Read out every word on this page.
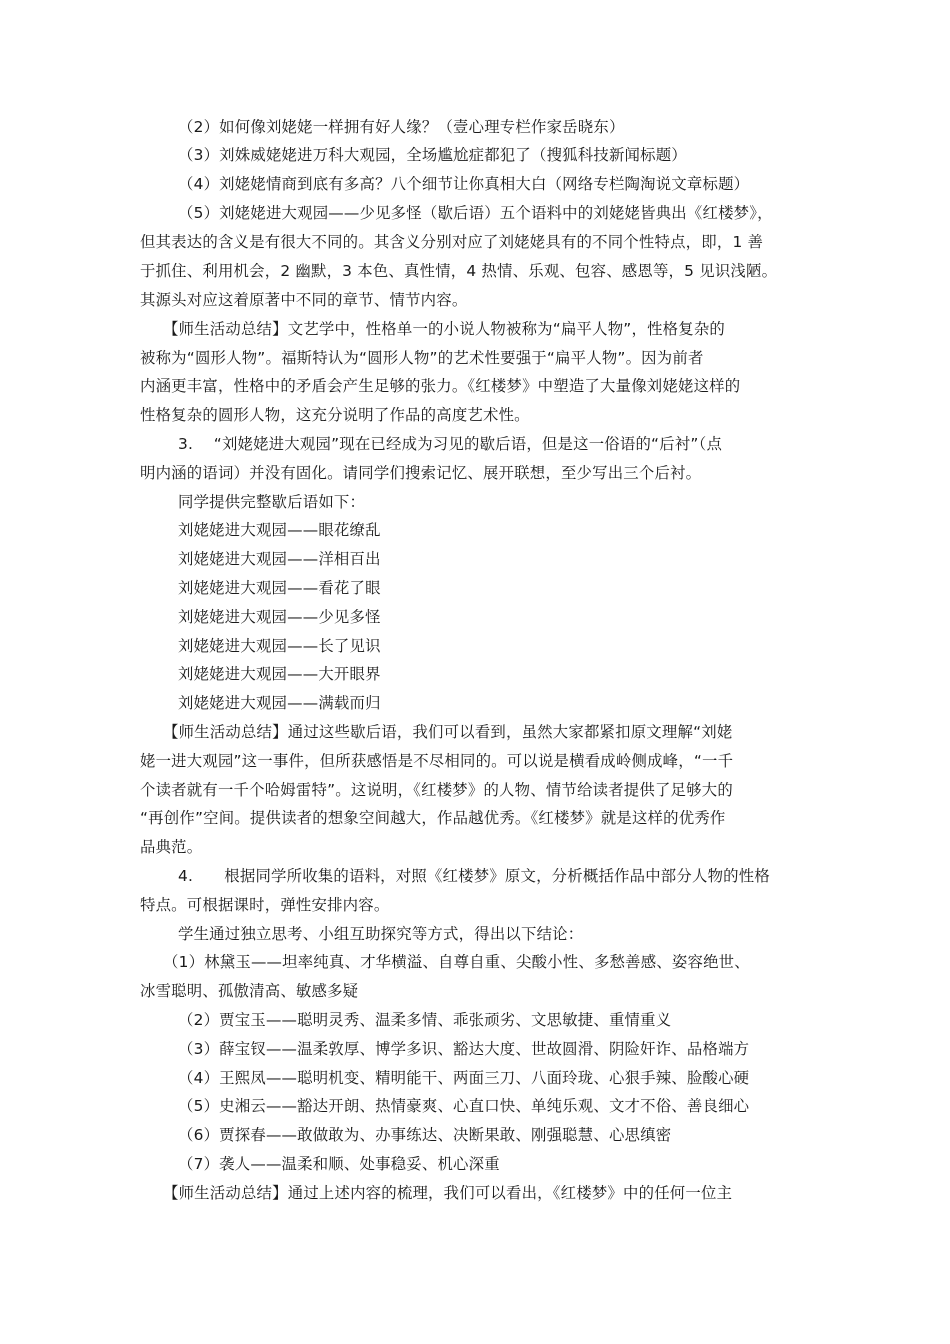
（2）如何像刘姥姥一样拥有好人缘？（壹心理专栏作家岳晓东）
（3）刘姝威姥姥进万科大观园，全场尴尬症都犯了（搜狐科技新闻标题）
（4）刘姥姥情商到底有多高？八个细节让你真相大白（网络专栏陶淘说文章标题）
（5）刘姥姥进大观园——少见多怪（歇后语）五个语料中的刘姥姥皆典出《红楼梦》，
但其表达的含义是有很大不同的。其含义分别对应了刘姥姥具有的不同个性特点，即，1 善
于抓住、利用机会，2 幽默，3 本色、真性情，4 热情、乐观、包容、感恩等，5 见识浅陋。
其源头对应这着原著中不同的章节、情节内容。
【师生活动总结】文艺学中，性格单一的小说人物被称为“扁平人物”，性格复杂的
被称为“圆形人物”。福斯特认为“圆形人物”的艺术性要强于“扁平人物”。因为前者
内涵更丰富，性格中的矛盾会产生足够的张力。《红楼梦》中塑造了大量像刘姥姥这样的
性格复杂的圆形人物，这充分说明了作品的高度艺术性。
3.　 “刘姥姥进大观园”现在已经成为习见的歇后语，但是这一俗语的“后衬”（点
明内涵的语词）并没有固化。请同学们搜索记忆、展开联想，至少写出三个后衬。
同学提供完整歇后语如下：
刘姥姥进大观园——眼花缭乱
刘姥姥进大观园——洋相百出
刘姥姥进大观园——看花了眼
刘姥姥进大观园——少见多怪
刘姥姥进大观园——长了见识
刘姥姥进大观园——大开眼界
刘姥姥进大观园——满载而归
【师生活动总结】通过这些歇后语，我们可以看到，虽然大家都紧扣原文理解“刘姥
姥一进大观园”这一事件，但所获感悟是不尽相同的。可以说是横看成岭侧成峰，“一千
个读者就有一千个哈姆雷特”。这说明，《红楼梦》的人物、情节给读者提供了足够大的
“再创作”空间。提供读者的想象空间越大，作品越优秀。《红楼梦》就是这样的优秀作
品典范。
4.　　根据同学所收集的语料，对照《红楼梦》原文，分析概括作品中部分人物的性格
特点。可根据课时，弹性安排内容。
学生通过独立思考、小组互助探究等方式，得出以下结论：
（1）林黛玉——坦率纯真、才华横溢、自尊自重、尖酸小性、多愁善感、姿容绝世、
冰雪聪明、孤傲清高、敏感多疑
（2）贾宝玉——聪明灵秀、温柔多情、乖张顽劣、文思敏捷、重情重义
（3）薛宝钗——温柔敦厚、博学多识、豁达大度、世故圆滑、阴险奸诈、品格端方
（4）王熙凤——聪明机变、精明能干、两面三刀、八面玲珑、心狠手辣、脸酸心硬
（5）史湘云——豁达开朗、热情豪爽、心直口快、单纯乐观、文才不俗、善良细心
（6）贾探春——敢做敢为、办事练达、决断果敢、刚强聪慧、心思缜密
（7）袭人——温柔和顺、处事稳妥、机心深重
【师生活动总结】通过上述内容的梳理，我们可以看出，《红楼梦》中的任何一位主
